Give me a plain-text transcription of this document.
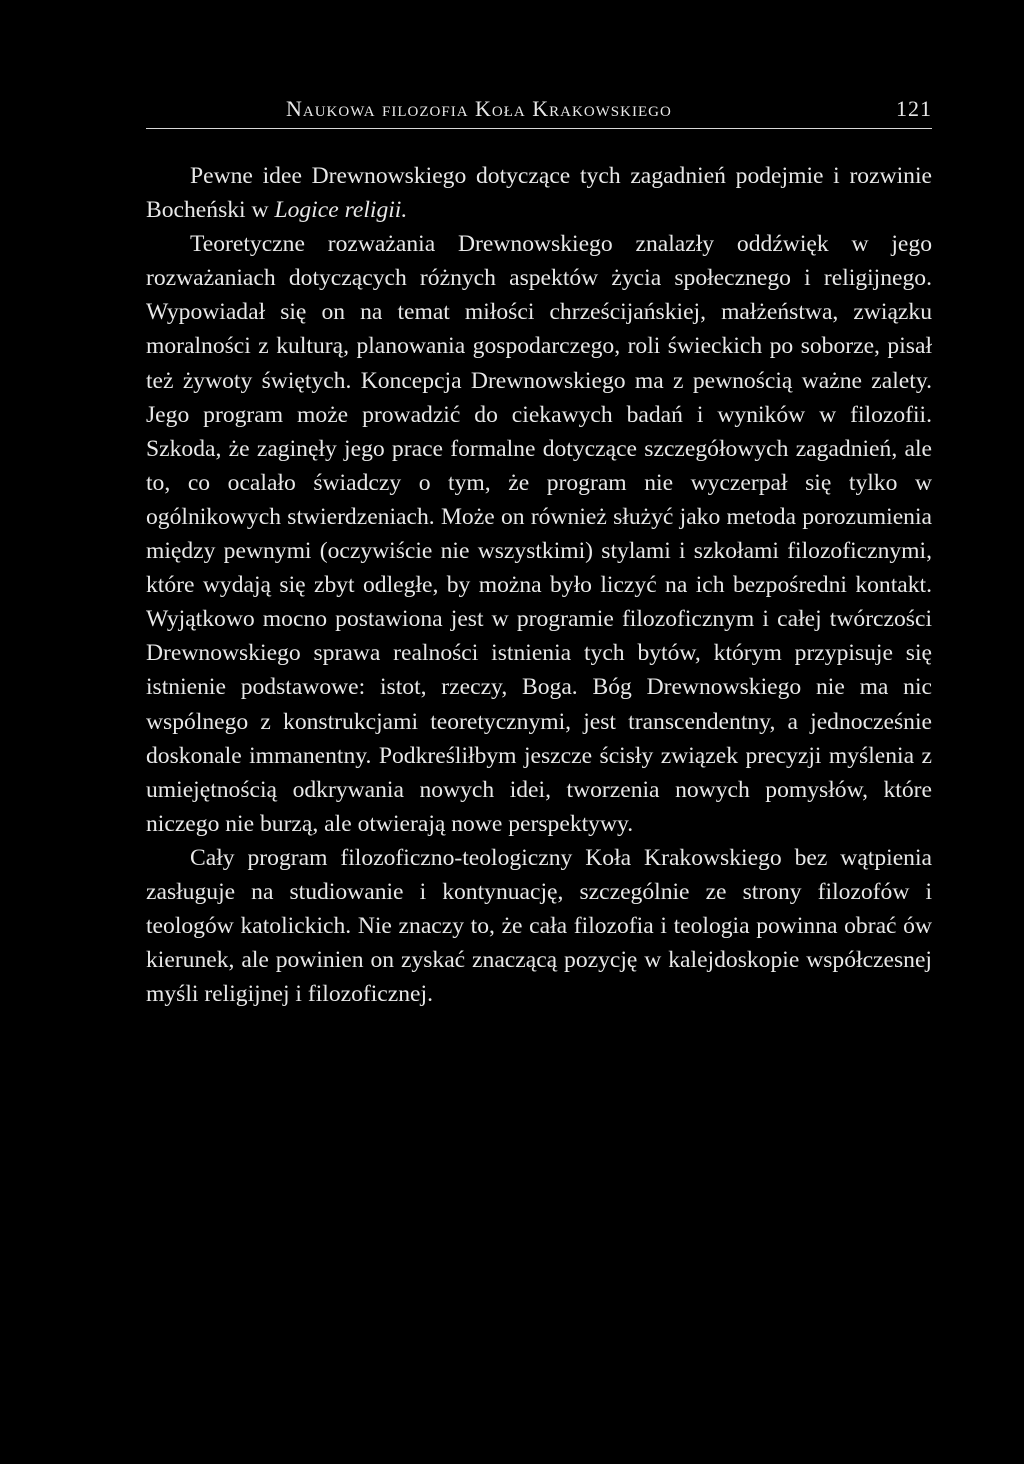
Naukowa filozofia Koła Krakowskiego	121

Pewne idee Drewnowskiego dotyczące tych zagadnień podejmie i rozwinie Bocheński w Logice religii.

Teoretyczne rozważania Drewnowskiego znalazły oddźwięk w jego rozważaniach dotyczących różnych aspektów życia społecznego i religijnego. Wypowiadał się on na temat miłości chrześcijańskiej, małżeństwa, związku moralności z kulturą, planowania gospodarczego, roli świeckich po soborze, pisał też żywoty świętych. Koncepcja Drewnowskiego ma z pewnością ważne zalety. Jego program może prowadzić do ciekawych badań i wyników w filozofii. Szkoda, że zaginęły jego prace formalne dotyczące szczegółowych zagadnień, ale to, co ocalało świadczy o tym, że program nie wyczerpał się tylko w ogólnikowych stwierdzeniach. Może on również służyć jako metoda porozumienia między pewnymi (oczywiście nie wszystkimi) stylami i szkołami filozoficznymi, które wydają się zbyt odległe, by można było liczyć na ich bezpośredni kontakt. Wyjątkowo mocno postawiona jest w programie filozoficznym i całej twórczości Drewnowskiego sprawa realności istnienia tych bytów, którym przypisuje się istnienie podstawowe: istot, rzeczy, Boga. Bóg Drewnowskiego nie ma nic wspólnego z konstrukcjami teoretycznymi, jest transcendentny, a jednocześnie doskonale immanentny. Podkreśliłbym jeszcze ścisły związek precyzji myślenia z umiejętnością odkrywania nowych idei, tworzenia nowych pomysłów, które niczego nie burzą, ale otwierają nowe perspektywy.

Cały program filozoficzno-teologiczny Koła Krakowskiego bez wątpienia zasługuje na studiowanie i kontynuację, szczególnie ze strony filozofów i teologów katolickich. Nie znaczy to, że cała filozofia i teologia powinna obrać ów kierunek, ale powinien on zyskać znaczącą pozycję w kalejdoskopie współczesnej myśli religijnej i filozoficznej.
